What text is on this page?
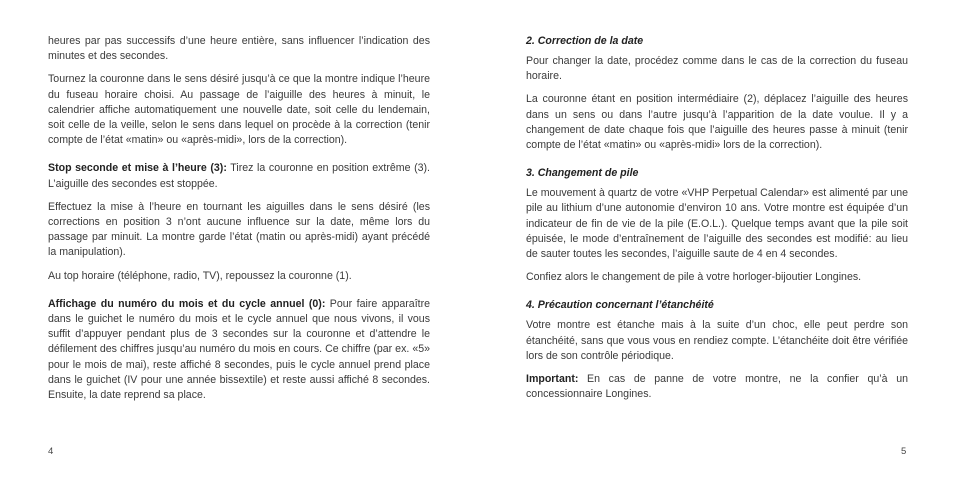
heures par pas successifs d’une heure entière, sans influencer l’indication des minutes et des secondes.

Tournez la couronne dans le sens désiré jusqu’à ce que la montre indique l’heure du fuseau horaire choisi. Au passage de l’aiguille des heures à minuit, le calendrier affiche automatiquement une nouvelle date, soit celle du lendemain, soit celle de la veille, selon le sens dans lequel on procède à la correction (tenir compte de l’état «matin» ou «après-midi», lors de la correction).

Stop seconde et mise à l’heure (3): Tirez la couronne en position extrême (3). L’aiguille des secondes est stoppée.

Effectuez la mise à l’heure en tournant les aiguilles dans le sens désiré (les corrections en position 3 n’ont aucune influence sur la date, même lors du passage par minuit. La montre garde l’état (matin ou après-midi) ayant précédé la manipulation).

Au top horaire (téléphone, radio, TV), repoussez la couronne (1).

Affichage du numéro du mois et du cycle annuel (0): Pour faire apparaître dans le guichet le numéro du mois et le cycle annuel que nous vivons, il vous suffit d’appuyer pendant plus de 3 secondes sur la couronne et d’attendre le défilement des chiffres jusqu’au numéro du mois en cours. Ce chiffre (par ex. «5» pour le mois de mai), reste affiché 8 secondes, puis le cycle annuel prend place dans le guichet (IV pour une année bissextile) et reste aussi affiché 8 secondes. Ensuite, la date reprend sa place.

4
2. Correction de la date

Pour changer la date, procédez comme dans le cas de la correction du fuseau horaire.

La couronne étant en position intermédiaire (2), déplacez l’aiguille des heures dans un sens ou dans l’autre jusqu’à l’apparition de la date voulue. Il y a changement de date chaque fois que l’aiguille des heures passe à minuit (tenir compte de l’état «matin» ou «après-midi» lors de la correction).

3. Changement de pile

Le mouvement à quartz de votre «VHP Perpetual Calendar» est alimenté par une pile au lithium d’une autonomie d’environ 10 ans. Votre montre est équipée d’un indicateur de fin de vie de la pile (E.O.L.). Quelque temps avant que la pile soit épuisée, le mode d’entraînement de l’aiguille des secondes est modifié: au lieu de sauter toutes les secondes, l’aiguille saute de 4 en 4 secondes.

Confiez alors le changement de pile à votre horloger-bijoutier Longines.

4. Précaution concernant l’étanchéité

Votre montre est étanche mais à la suite d’un choc, elle peut perdre son étanchéité, sans que vous vous en rendiez compte. L’étanchéite doit être vérifiée lors de son contrôle périodique.

Important: En cas de panne de votre montre, ne la confier qu’à un concessionnaire Longines.

5
